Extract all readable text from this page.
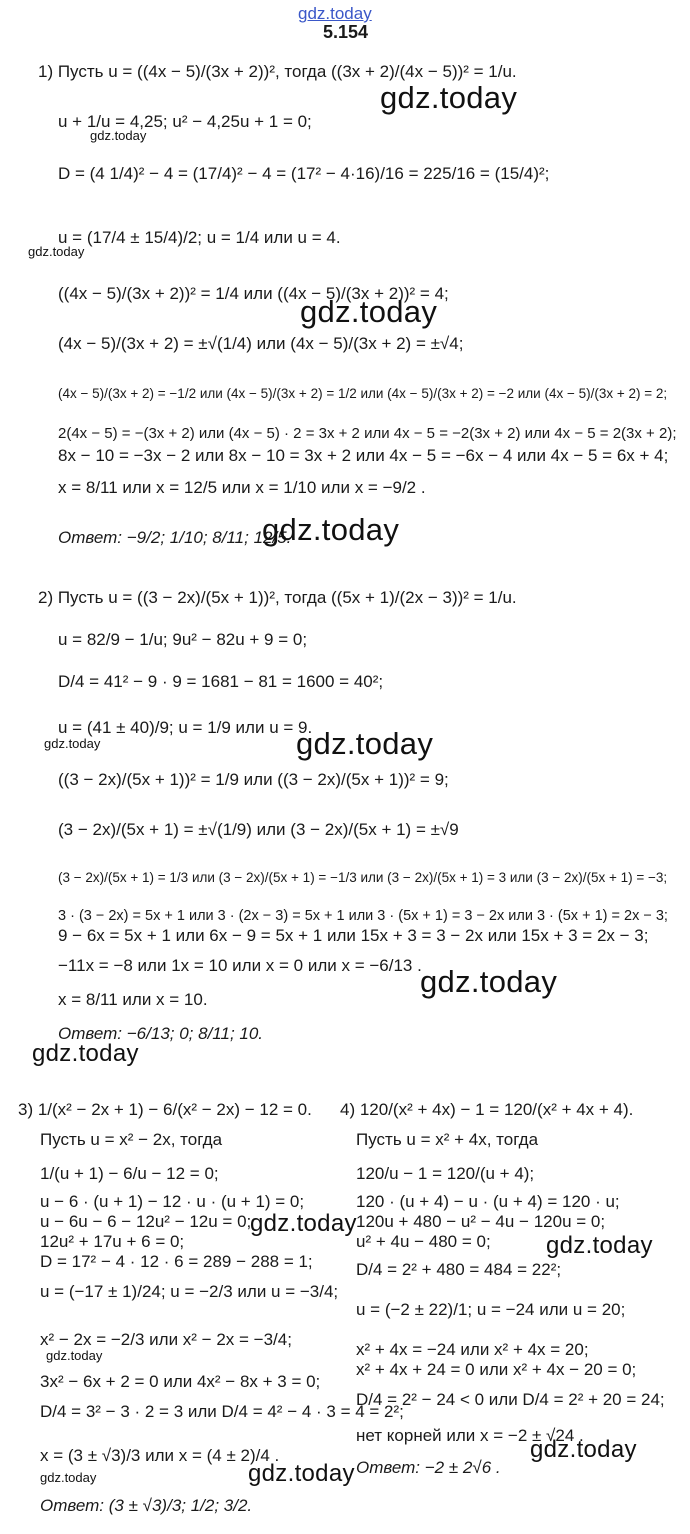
gdz.today
5.154
1) Пусть u = ((4x − 5)/(3x + 2))², тогда ((3x + 2)/(4x − 5))² = 1/u.
u + 1/u = 4,25; u² − 4,25u + 1 = 0;
D = (4 1/4)² − 4 = (17/4)² − 4 = (17² − 4·16)/16 = 225/16 = (15/4)²;
u = (17/4 ± 15/4)/2; u = 1/4 или u = 4.
((4x − 5)/(3x + 2))² = 1/4 или ((4x − 5)/(3x + 2))² = 4;
(4x − 5)/(3x + 2) = ±√(1/4) или (4x − 5)/(3x + 2) = ±√4;
(4x − 5)/(3x + 2) = −1/2 или (4x − 5)/(3x + 2) = 1/2 или (4x − 5)/(3x + 2) = −2 или (4x − 5)/(3x + 2) = 2;
2(4x − 5) = −(3x + 2) или (4x − 5) · 2 = 3x + 2 или 4x − 5 = −2(3x + 2) или 4x − 5 = 2(3x + 2);
8x − 10 = −3x − 2 или 8x − 10 = 3x + 2 или 4x − 5 = −6x − 4 или 4x − 5 = 6x + 4;
x = 8/11 или x = 12/5 или x = 1/10 или x = −9/2 .
Ответ: −9/2; 1/10; 8/11; 12/5.
2) Пусть u = ((3 − 2x)/(5x + 1))², тогда ((5x + 1)/(2x − 3))² = 1/u.
u = 82/9 − 1/u; 9u² − 82u + 9 = 0;
D/4 = 41² − 9 · 9 = 1681 − 81 = 1600 = 40²;
u = (41 ± 40)/9; u = 1/9 или u = 9.
((3 − 2x)/(5x + 1))² = 1/9 или ((3 − 2x)/(5x + 1))² = 9;
(3 − 2x)/(5x + 1) = ±√(1/9) или (3 − 2x)/(5x + 1) = ±√9
(3 − 2x)/(5x + 1) = 1/3 или (3 − 2x)/(5x + 1) = −1/3 или (3 − 2x)/(5x + 1) = 3 или (3 − 2x)/(5x + 1) = −3;
3 · (3 − 2x) = 5x + 1 или 3 · (2x − 3) = 5x + 1 или 3 · (5x + 1) = 3 − 2x или 3 · (5x + 1) = 2x − 3;
9 − 6x = 5x + 1 или 6x − 9 = 5x + 1 или 15x + 3 = 3 − 2x или 15x + 3 = 2x − 3;
−11x = −8 или 1x = 10 или x = 0 или x = −6/13 .
x = 8/11 или x = 10.
Ответ: −6/13; 0; 8/11; 10.
3) 1/(x² − 2x + 1) − 6/(x² − 2x) − 12 = 0.
Пусть u = x² − 2x, тогда
1/(u + 1) − 6/u − 12 = 0;
u − 6 · (u + 1) − 12 · u · (u + 1) = 0;
u − 6u − 6 − 12u² − 12u = 0;
12u² + 17u + 6 = 0;
D = 17² − 4 · 12 · 6 = 289 − 288 = 1;
u = (−17 ± 1)/24; u = −2/3 или u = −3/4;
x² − 2x = −2/3 или x² − 2x = −3/4;
3x² − 6x + 2 = 0 или 4x² − 8x + 3 = 0;
D/4 = 3² − 3 · 2 = 3 или D/4 = 4² − 4 · 3 = 4 = 2²;
x = (3 ± √3)/3 или x = (4 ± 2)/4 .
Ответ: (3 ± √3)/3; 1/2; 3/2.
4) 120/(x² + 4x) − 1 = 120/(x² + 4x + 4).
Пусть u = x² + 4x, тогда
120/u − 1 = 120/(u + 4);
120 · (u + 4) − u · (u + 4) = 120 · u;
120u + 480 − u² − 4u − 120u = 0;
u² + 4u − 480 = 0;
D/4 = 2² + 480 = 484 = 22²;
u = (−2 ± 22)/1; u = −24 или u = 20;
x² + 4x = −24 или x² + 4x = 20;
x² + 4x + 24 = 0 или x² + 4x − 20 = 0;
D/4 = 2² − 24 < 0 или D/4 = 2² + 20 = 24;
нет корней или x = −2 ± √24 .
Ответ: −2 ± 2√6 .
gdz.today
gdz.today
gdz.today
gdz.today
gdz.today
gdz.today
gdz.today
gdz.today
gdz.today
gdz.today
gdz.today
gdz.today
gdz.today
gdz.today	gdz.today
